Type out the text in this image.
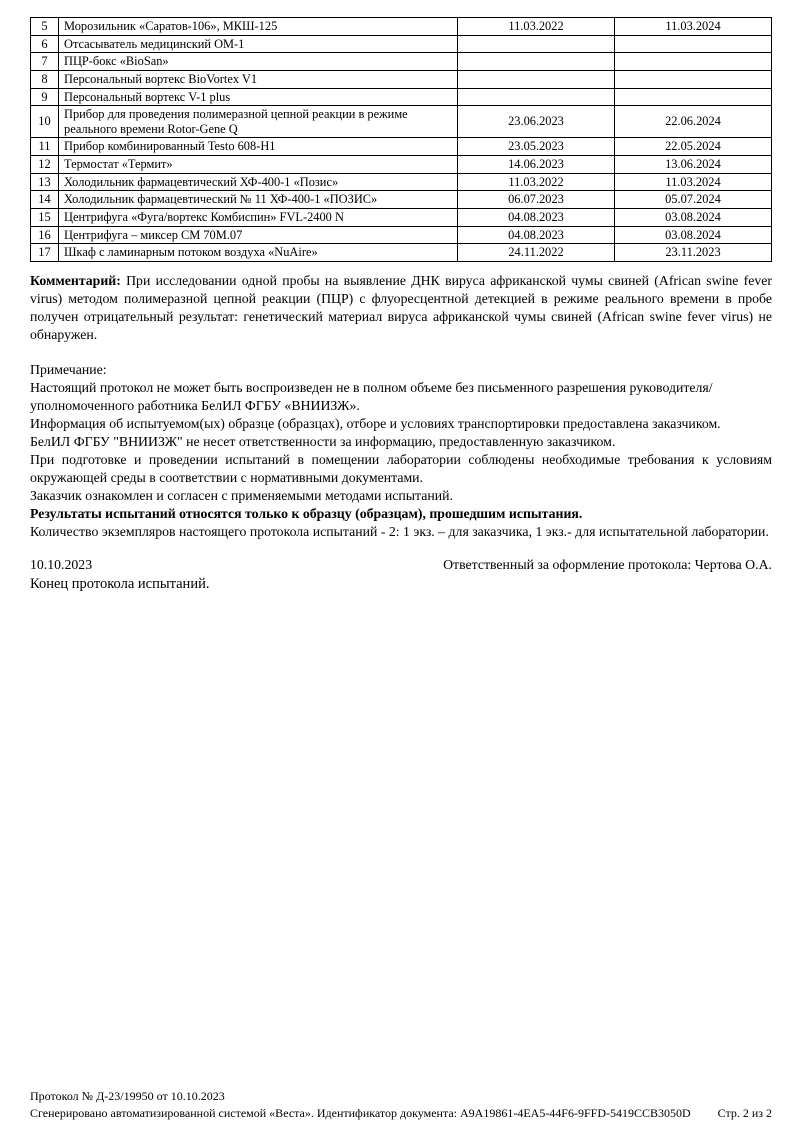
5	Морозильник «Саратов-106», МКШ-125	11.03.2022	11.03.2024
6	Отсасыватель медицинский ОМ-1		
7	ПЦР-бокс «BioSan»		
8	Персональный вортекс BioVortex V1		
9	Персональный вортекс V-1 plus		
10	Прибор для проведения полимеразной цепной реакции в режиме реального времени Rotor-Gene Q	23.06.2023	22.06.2024
11	Прибор комбинированный Testo 608-H1	23.05.2023	22.05.2024
12	Термостат «Термит»	14.06.2023	13.06.2024
13	Холодильник фармацевтический ХФ-400-1 «Позис»	11.03.2022	11.03.2024
14	Холодильник фармацевтический № 11 ХФ-400-1 «ПОЗИС»	06.07.2023	05.07.2024
15	Центрифуга «Фуга/вортекс Комбиспин» FVL-2400 N	04.08.2023	03.08.2024
16	Центрифуга – миксер СМ 70М.07	04.08.2023	03.08.2024
17	Шкаф с ламинарным потоком воздуха «NuAire»	24.11.2022	23.11.2023
Комментарий: При исследовании одной пробы на выявление ДНК вируса африканской чумы свиней (African swine fever virus) методом полимеразной цепной реакции (ПЦР) с флуоресцентной детекцией в режиме реального времени в пробе получен отрицательный результат: генетический материал вируса африканской чумы свиней (African swine fever virus) не обнаружен.
Примечание:
Настоящий протокол не может быть воспроизведен не в полном объеме без письменного разрешения руководителя/уполномоченного работника БелИЛ ФГБУ «ВНИИЗЖ».
Информация об испытуемом(ых) образце (образцах), отборе и условиях транспортировки предоставлена заказчиком.
БелИЛ ФГБУ "ВНИИЗЖ" не несет ответственности за информацию, предоставленную заказчиком.
При подготовке и проведении испытаний в помещении лаборатории соблюдены необходимые требования к условиям окружающей среды в соответствии с нормативными документами.
Заказчик ознакомлен и согласен с применяемыми методами испытаний.
Результаты испытаний относятся только к образцу (образцам), прошедшим испытания.
Количество экземпляров настоящего протокола испытаний - 2: 1 экз. – для заказчика, 1 экз.- для испытательной лаборатории.
10.10.2023	Ответственный за оформление протокола: Чертова О.А.
Конец протокола испытаний.
Протокол № Д-23/19950 от 10.10.2023
Сгенерировано автоматизированной системой «Веста». Идентификатор документа: A9A19861-4EA5-44F6-9FFD-5419CCB3050D Стр. 2 из 2
